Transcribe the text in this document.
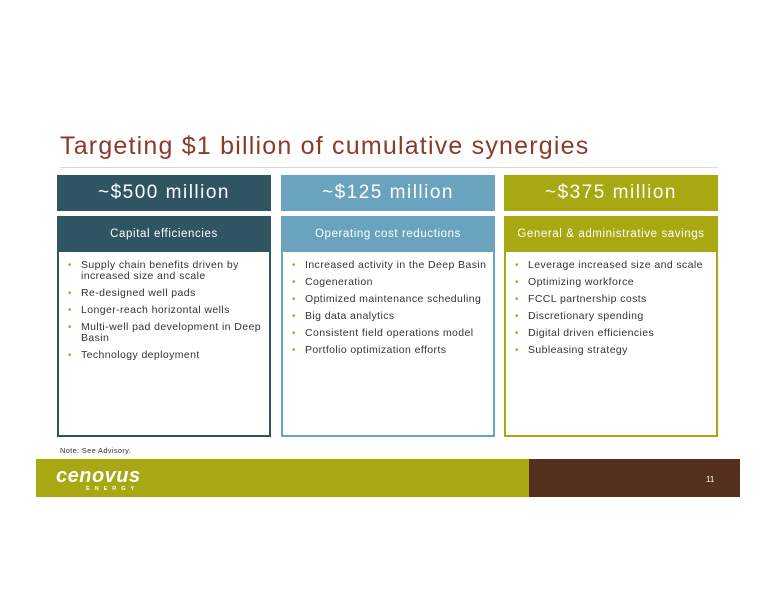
Targeting $1 billion of cumulative synergies
~$500 million
Capital efficiencies
• Supply chain benefits driven by increased size and scale
• Re-designed well pads
• Longer-reach horizontal wells
• Multi-well pad development in Deep Basin
• Technology deployment
~$125 million
Operating cost reductions
• Increased activity in the Deep Basin
• Cogeneration
• Optimized maintenance scheduling
• Big data analytics
• Consistent field operations model
• Portfolio optimization efforts
~$375 million
General & administrative savings
• Leverage increased size and scale
• Optimizing workforce
• FCCL partnership costs
• Discretionary spending
• Digital driven efficiencies
• Subleasing strategy
Note: See Advisory.
cenovus
ENERGY
11
